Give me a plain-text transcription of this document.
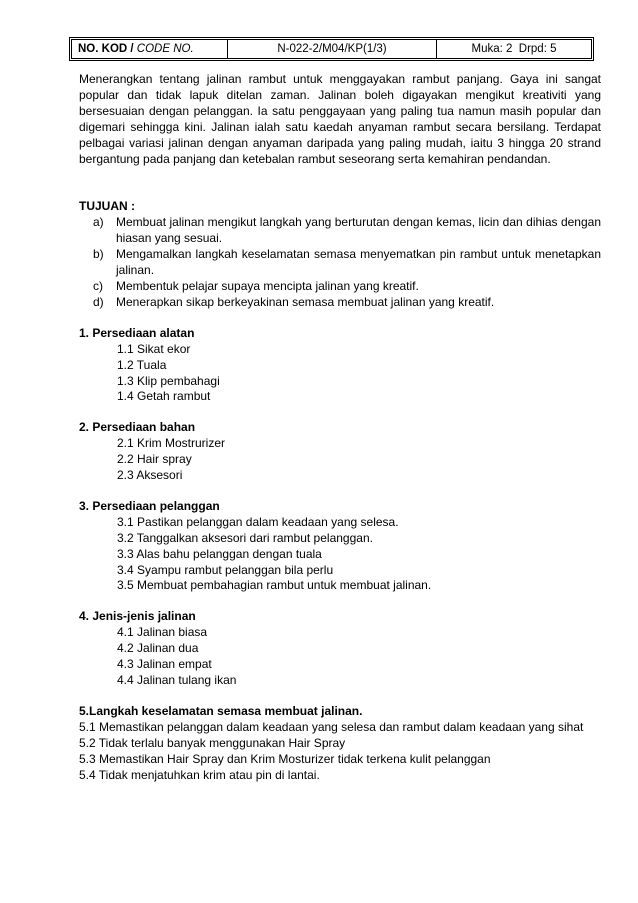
NO. KOD /
CODE NO.	N-022-2/M04/KP(1/3)	Muka: 2  Drpd: 5

Menerangkan tentang jalinan rambut untuk menggayakan rambut panjang. Gaya ini sangat popular dan tidak lapuk ditelan zaman. Jalinan boleh digayakan mengikut kreativiti yang bersesuaian dengan pelanggan. Ia satu penggayaan yang paling tua namun masih popular dan digemari sehingga kini. Jalinan ialah satu kaedah anyaman rambut secara bersilang. Terdapat pelbagai variasi jalinan dengan anyaman daripada yang paling mudah, iaitu 3 hingga 20 strand bergantung pada panjang dan ketebalan rambut seseorang serta kemahiran pendandan.

TUJUAN :

a)	Membuat jalinan mengikut langkah yang berturutan dengan kemas, licin dan dihias dengan hiasan yang sesuai.
b)	Mengamalkan langkah keselamatan semasa menyematkan pin rambut untuk menetapkan jalinan.
c)	Membentuk pelajar supaya mencipta jalinan yang kreatif.
d)	Menerapkan sikap berkeyakinan semasa membuat jalinan yang kreatif.

1. Persediaan alatan

1.1 Sikat ekor

1.2 Tuala

1.3 Klip pembahagi

1.4 Getah rambut

2. Persediaan bahan

2.1 Krim Mostrurizer

2.2 Hair spray

2.3 Aksesori

3. Persediaan pelanggan

3.1 Pastikan pelanggan dalam keadaan yang selesa.

3.2 Tanggalkan aksesori dari rambut pelanggan.

3.3 Alas bahu pelanggan dengan tuala

3.4 Syampu rambut pelanggan bila perlu

3.5 Membuat pembahagian rambut untuk membuat jalinan.

4. Jenis-jenis jalinan

4.1 Jalinan biasa

4.2 Jalinan dua

4.3 Jalinan empat

4.4 Jalinan tulang ikan

5.Langkah keselamatan semasa membuat jalinan.

5.1 Memastikan pelanggan dalam keadaan yang selesa dan rambut dalam keadaan yang sihat

5.2 Tidak terlalu banyak menggunakan Hair Spray

5.3 Memastikan Hair Spray dan Krim Mosturizer tidak terkena kulit pelanggan

5.4 Tidak menjatuhkan krim atau pin di lantai.
